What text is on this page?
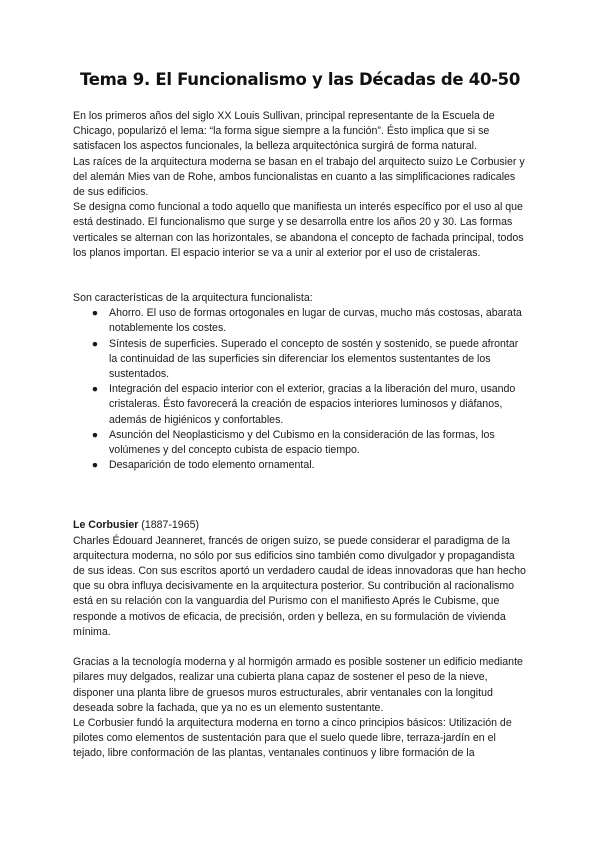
Tema 9. El Funcionalismo y las Décadas de 40-50

En los primeros años del siglo XX Louis Sullivan, principal representante de la Escuela de Chicago, popularizó el lema: “la forma sigue siempre a la función”. Ésto implica que si se satisfacen los aspectos funcionales, la belleza arquitectónica surgirá de forma natural.

Las raíces de la arquitectura moderna se basan en el trabajo del arquitecto suizo Le Corbusier y del alemán Mies van de Rohe, ambos funcionalistas en cuanto a las simplificaciones radicales de sus edificios.

Se designa como funcional a todo aquello que manifiesta un interés específico por el uso al que está destinado. El funcionalismo que surge y se desarrolla entre los años 20 y 30. Las formas verticales se alternan con las horizontales, se abandona el concepto de fachada principal, todos los planos importan. El espacio interior se va a unir al exterior por el uso de cristaleras.

Son características de la arquitectura funcionalista:

● Ahorro. El uso de formas ortogonales en lugar de curvas, mucho más costosas, abarata notablemente los costes.
● Síntesis de superficies. Superado el concepto de sostén y sostenido, se puede afrontar la continuidad de las superficies sin diferenciar los elementos sustentantes de los sustentados.
● Integración del espacio interior con el exterior, gracias a la liberación del muro, usando cristaleras. Ésto favorecerá la creación de espacios interiores luminosos y diáfanos, además de higiénicos y confortables.
● Asunción del Neoplasticismo y del Cubismo en la consideración de las formas, los volúmenes y del concepto cubista de espacio tiempo.
● Desaparición de todo elemento ornamental.

Le Corbusier (1887-1965)

Charles Édouard Jeanneret, francés de origen suizo, se puede considerar el paradigma de la arquitectura moderna, no sólo por sus edificios sino también como divulgador y propagandista de sus ideas. Con sus escritos aportó un verdadero caudal de ideas innovadoras que han hecho que su obra influya decisivamente en la arquitectura posterior. Su contribución al racionalismo está en su relación con la vanguardia del Purismo con el manifiesto Aprés le Cubisme, que responde a motivos de eficacia, de precisión, orden y belleza, en su formulación de vivienda mínima.

Gracias a la tecnología moderna y al hormigón armado es posible sostener un edificio mediante pilares muy delgados, realizar una cubierta plana capaz de sostener el peso de la nieve, disponer una planta libre de gruesos muros estructurales, abrir ventanales con la longitud deseada sobre la fachada, que ya no es un elemento sustentante.

Le Corbusier fundó la arquitectura moderna en torno a cinco principios básicos: Utilización de pilotes como elementos de sustentación para que el suelo quede libre, terraza-jardín en el tejado, libre conformación de las plantas, ventanales continuos y libre formación de la
